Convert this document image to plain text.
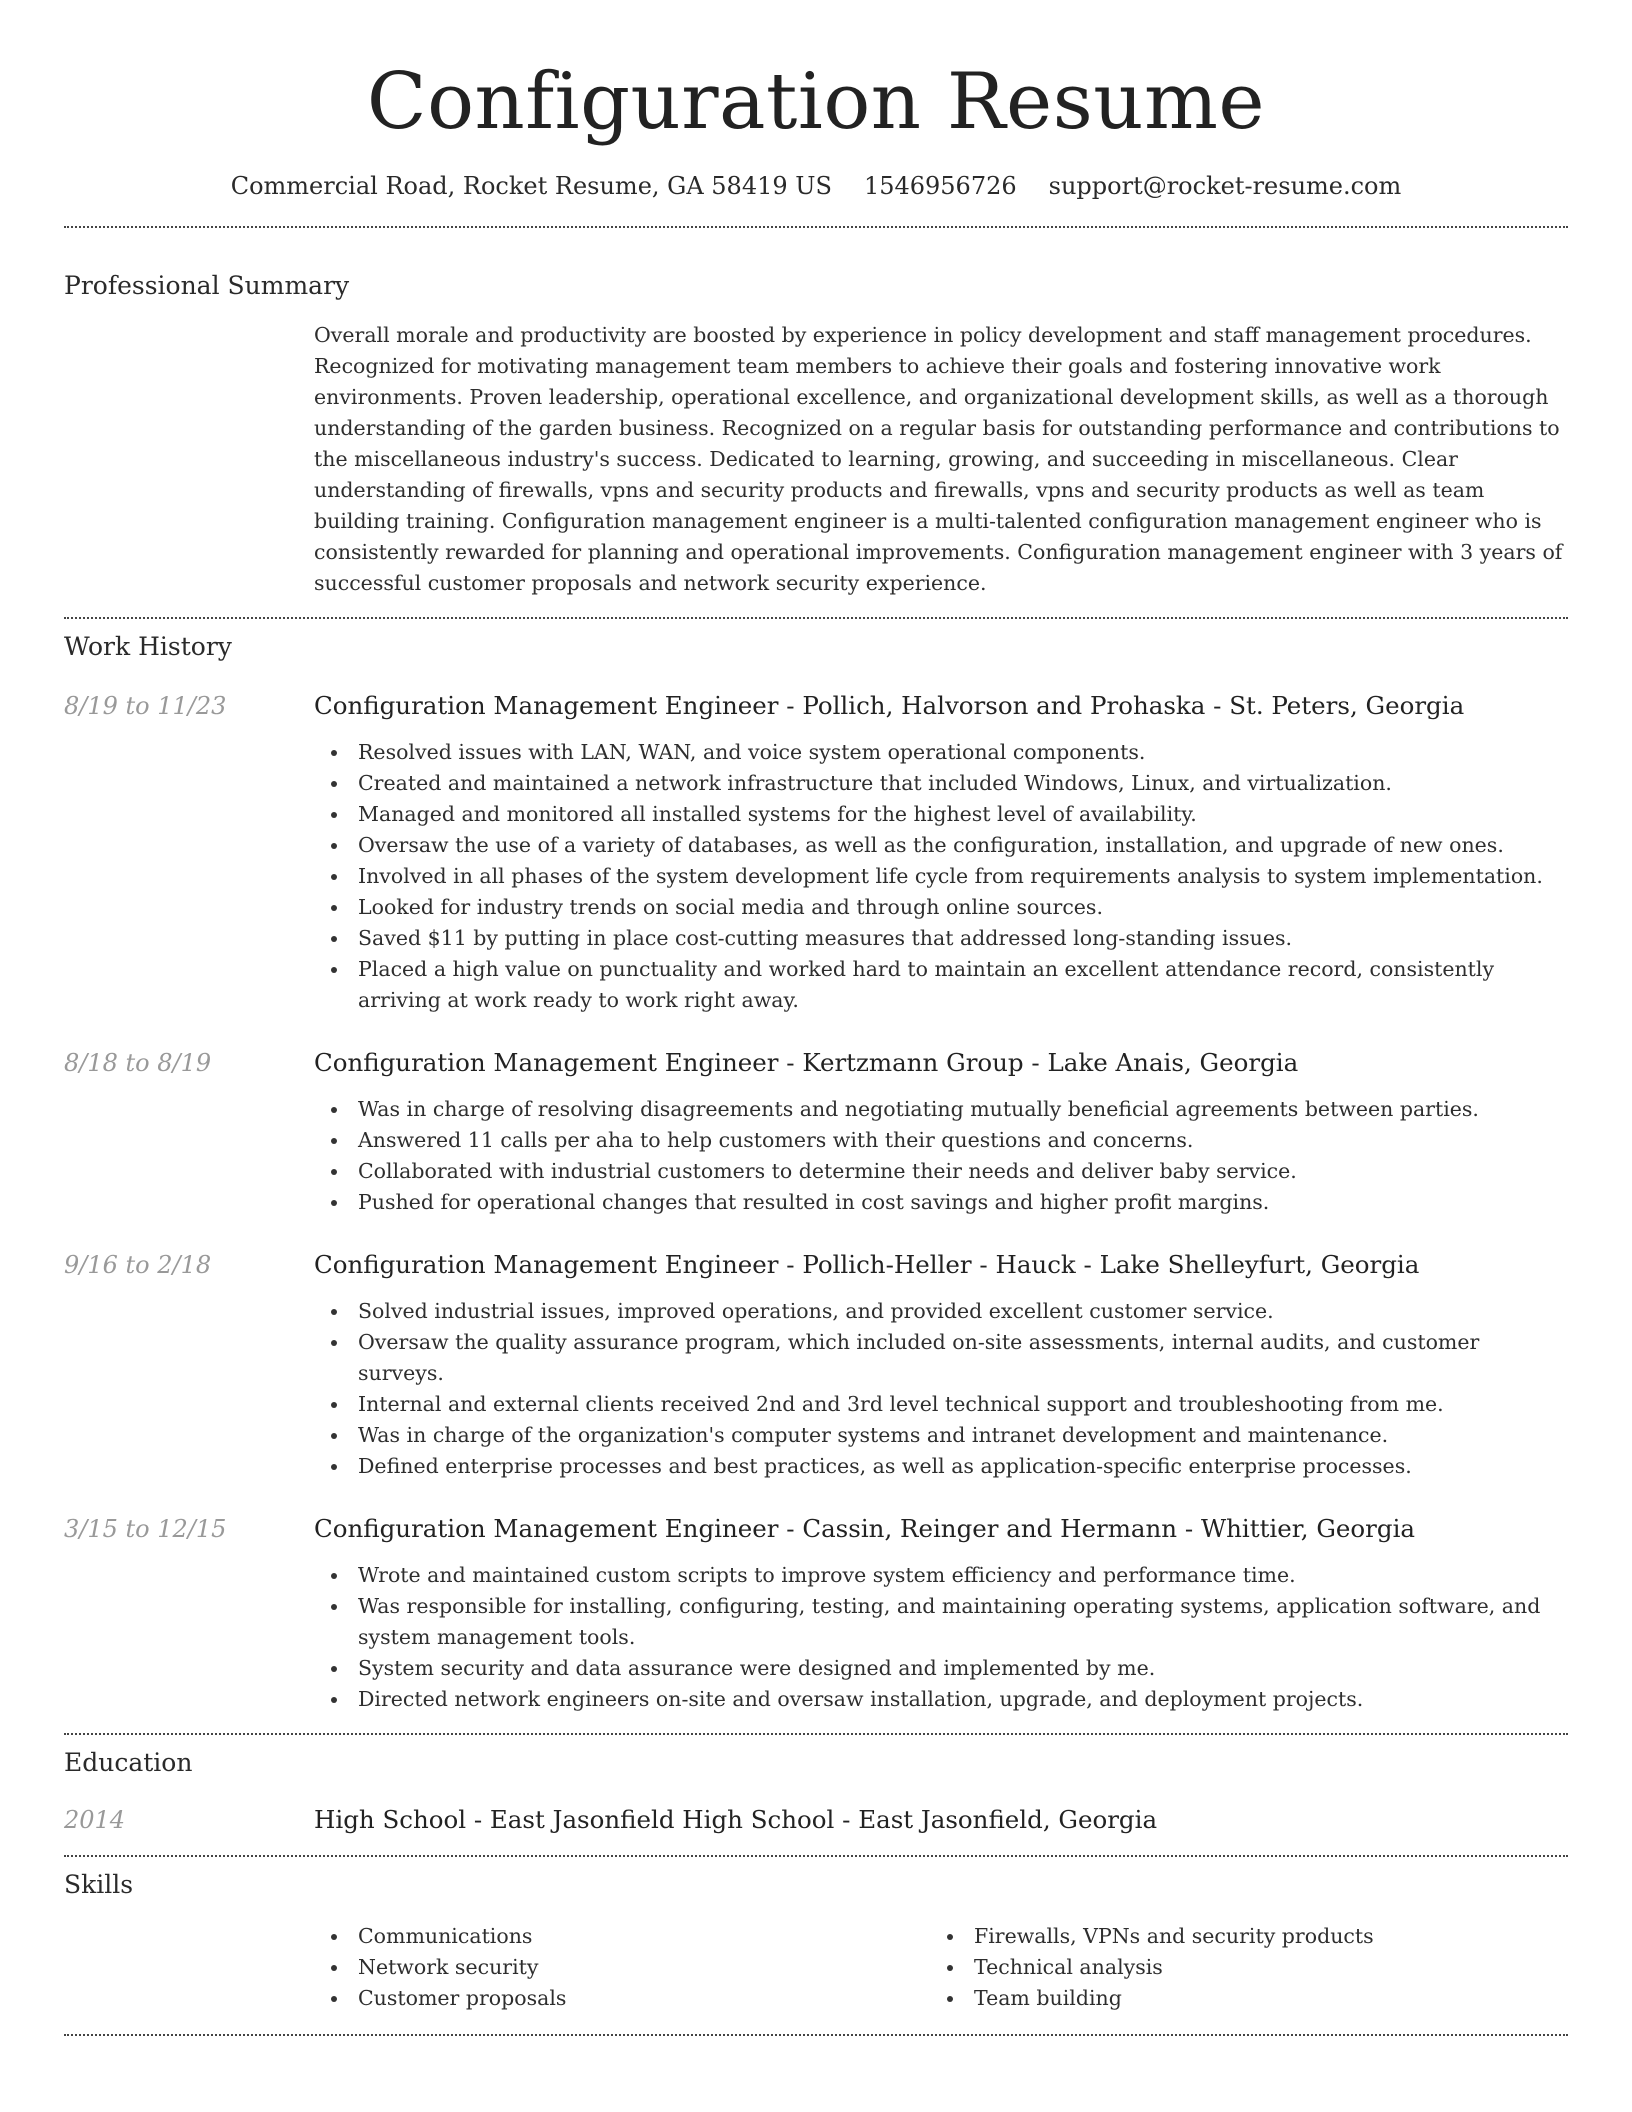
Configuration Resume
Commercial Road, Rocket Resume, GA 58419 US 1546956726 support@rocket-resume.com
Professional Summary
Overall morale and productivity are boosted by experience in policy development and staff management procedures. Recognized for motivating management team members to achieve their goals and fostering innovative work environments. Proven leadership, operational excellence, and organizational development skills, as well as a thorough understanding of the garden business. Recognized on a regular basis for outstanding performance and contributions to the miscellaneous industry's success. Dedicated to learning, growing, and succeeding in miscellaneous. Clear understanding of firewalls, vpns and security products and firewalls, vpns and security products as well as team building training. Configuration management engineer is a multi-talented configuration management engineer who is consistently rewarded for planning and operational improvements. Configuration management engineer with 3 years of successful customer proposals and network security experience.
Work History
8/19 to 11/23	Configuration Management Engineer - Pollich, Halvorson and Prohaska - St. Peters, Georgia
Resolved issues with LAN, WAN, and voice system operational components.
Created and maintained a network infrastructure that included Windows, Linux, and virtualization.
Managed and monitored all installed systems for the highest level of availability.
Oversaw the use of a variety of databases, as well as the configuration, installation, and upgrade of new ones.
Involved in all phases of the system development life cycle from requirements analysis to system implementation.
Looked for industry trends on social media and through online sources.
Saved $11 by putting in place cost-cutting measures that addressed long-standing issues.
Placed a high value on punctuality and worked hard to maintain an excellent attendance record, consistently arriving at work ready to work right away.
8/18 to 8/19	Configuration Management Engineer - Kertzmann Group - Lake Anais, Georgia
Was in charge of resolving disagreements and negotiating mutually beneficial agreements between parties.
Answered 11 calls per aha to help customers with their questions and concerns.
Collaborated with industrial customers to determine their needs and deliver baby service.
Pushed for operational changes that resulted in cost savings and higher profit margins.
9/16 to 2/18	Configuration Management Engineer - Pollich-Heller - Hauck - Lake Shelleyfurt, Georgia
Solved industrial issues, improved operations, and provided excellent customer service.
Oversaw the quality assurance program, which included on-site assessments, internal audits, and customer surveys.
Internal and external clients received 2nd and 3rd level technical support and troubleshooting from me.
Was in charge of the organization's computer systems and intranet development and maintenance.
Defined enterprise processes and best practices, as well as application-specific enterprise processes.
3/15 to 12/15	Configuration Management Engineer - Cassin, Reinger and Hermann - Whittier, Georgia
Wrote and maintained custom scripts to improve system efficiency and performance time.
Was responsible for installing, configuring, testing, and maintaining operating systems, application software, and system management tools.
System security and data assurance were designed and implemented by me.
Directed network engineers on-site and oversaw installation, upgrade, and deployment projects.
Education
2014	High School - East Jasonfield High School - East Jasonfield, Georgia
Skills
Communications
Network security
Customer proposals
Firewalls, VPNs and security products
Technical analysis
Team building
